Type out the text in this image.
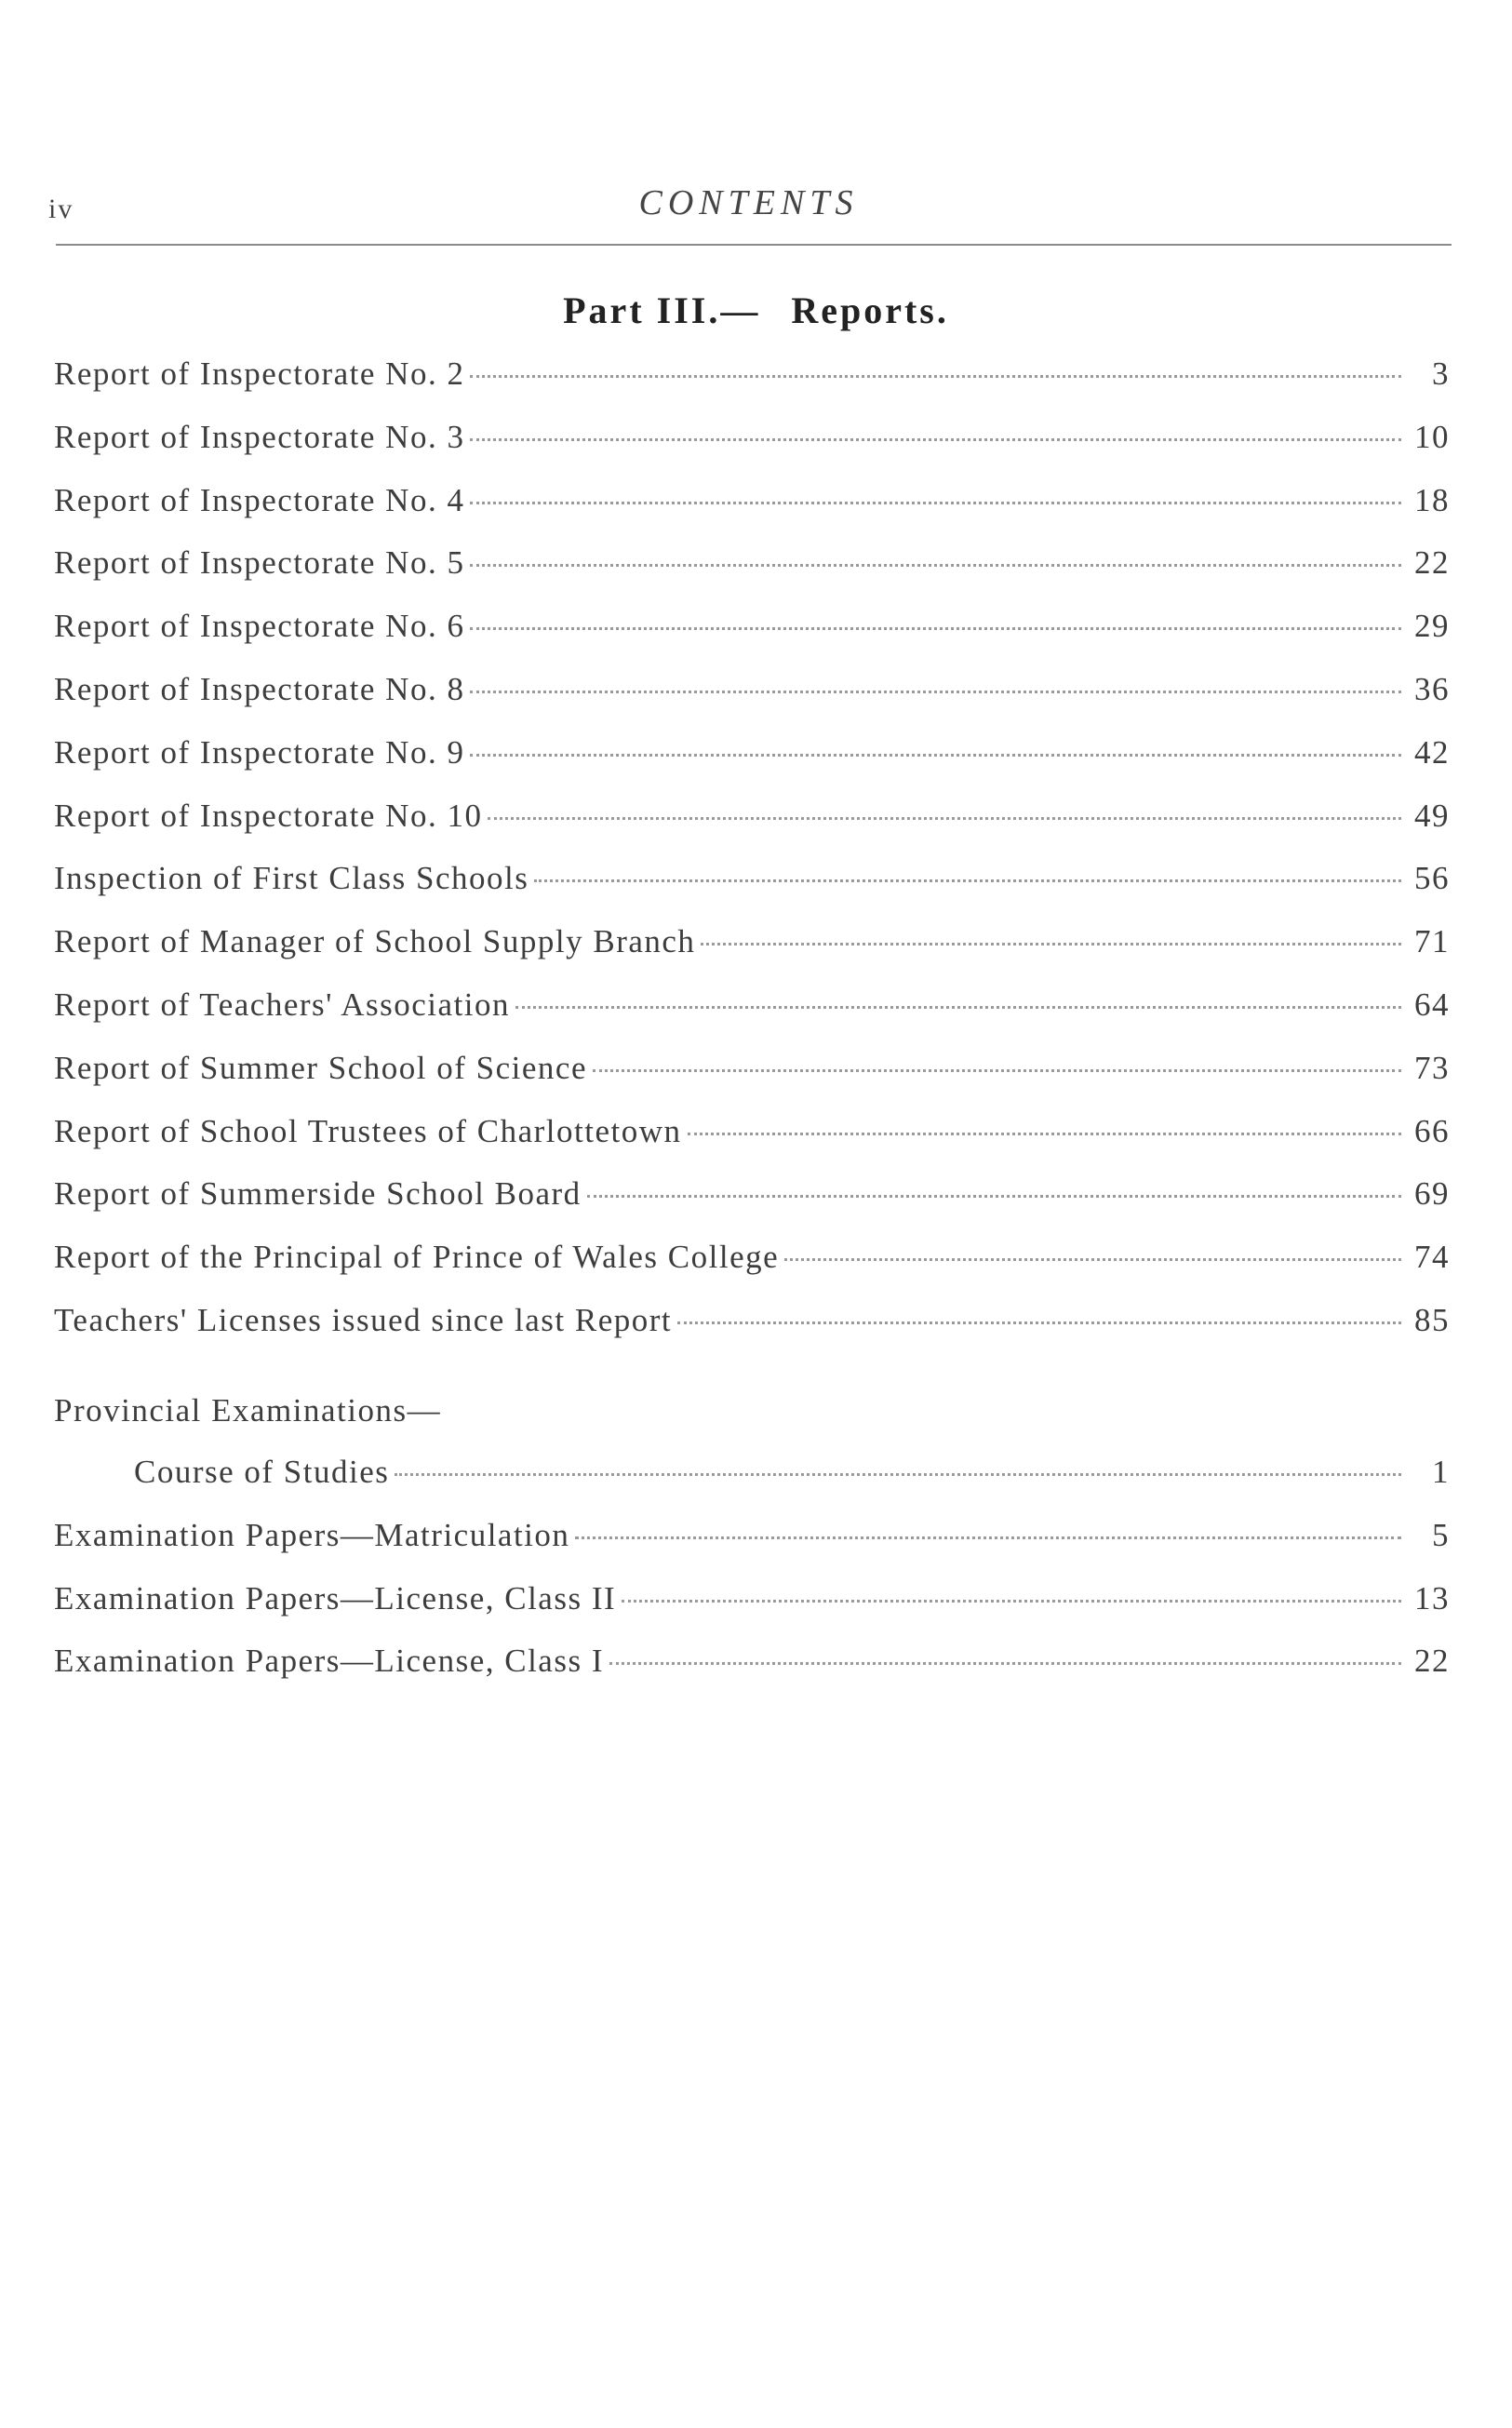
iv	CONTENTS
Part III.— Reports.
Report of Inspectorate No. 2	3
Report of Inspectorate No. 3	10
Report of Inspectorate No. 4	18
Report of Inspectorate No. 5	22
Report of Inspectorate No. 6	29
Report of Inspectorate No. 8	36
Report of Inspectorate No. 9	42
Report of Inspectorate No. 10	49
Inspection of First Class Schools	56
Report of Manager of School Supply Branch	71
Report of Teachers' Association	64
Report of Summer School of Science	73
Report of School Trustees of Charlottetown	66
Report of Summerside School Board	69
Report of the Principal of Prince of Wales College	74
Teachers' Licenses issued since last Report	85
Provincial Examinations—
Course of Studies	1
Examination Papers—Matriculation	5
Examination Papers—License, Class II	13
Examination Papers—License, Class I	22
